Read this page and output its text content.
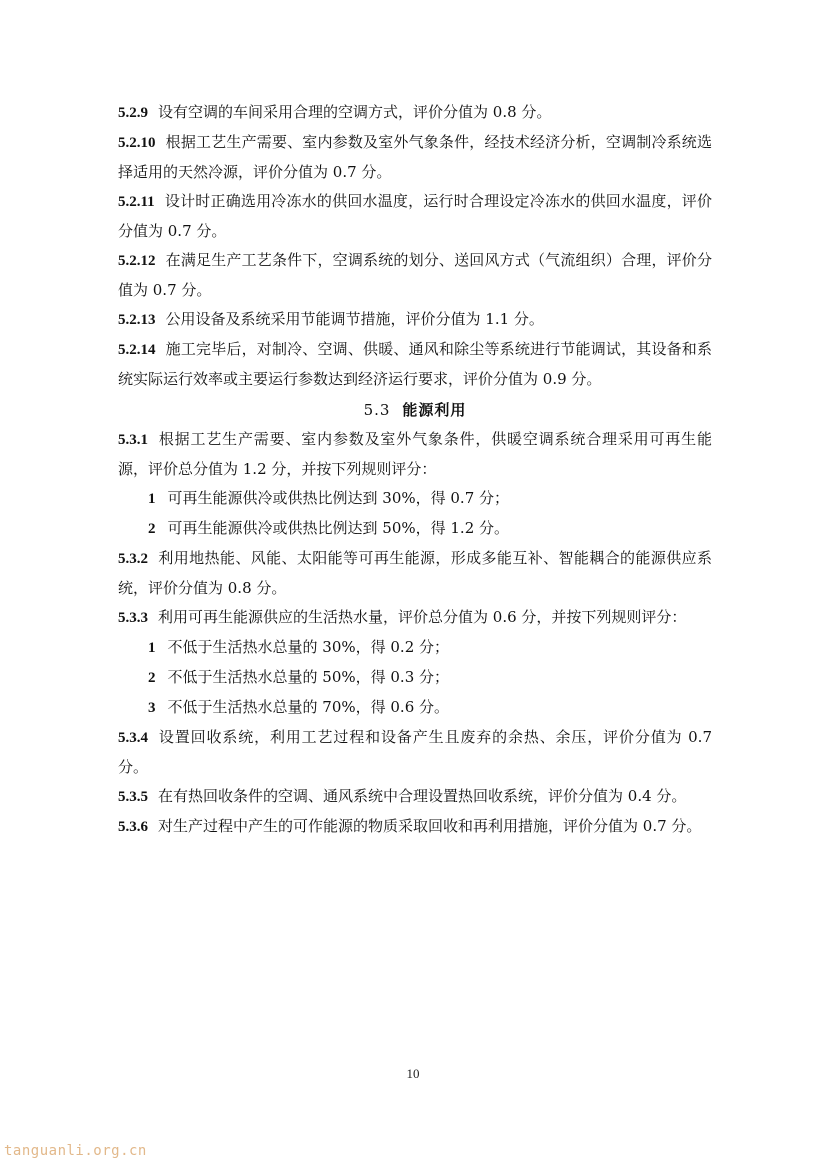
5.2.9 设有空调的车间采用合理的空调方式，评价分值为 0.8 分。

5.2.10 根据工艺生产需要、室内参数及室外气象条件，经技术经济分析，空调制冷系统选择适用的天然冷源，评价分值为 0.7 分。

5.2.11 设计时正确选用冷冻水的供回水温度，运行时合理设定冷冻水的供回水温度，评价分值为 0.7 分。

5.2.12 在满足生产工艺条件下，空调系统的划分、送回风方式（气流组织）合理，评价分值为 0.7 分。

5.2.13 公用设备及系统采用节能调节措施，评价分值为 1.1 分。

5.2.14 施工完毕后，对制冷、空调、供暖、通风和除尘等系统进行节能调试，其设备和系统实际运行效率或主要运行参数达到经济运行要求，评价分值为 0.9 分。

5.3 能源利用

5.3.1 根据工艺生产需要、室内参数及室外气象条件，供暖空调系统合理采用可再生能源，评价总分值为 1.2 分，并按下列规则评分：

1 可再生能源供冷或供热比例达到 30%，得 0.7 分；

2 可再生能源供冷或供热比例达到 50%，得 1.2 分。

5.3.2 利用地热能、风能、太阳能等可再生能源，形成多能互补、智能耦合的能源供应系统，评价分值为 0.8 分。

5.3.3 利用可再生能源供应的生活热水量，评价总分值为 0.6 分，并按下列规则评分：

1 不低于生活热水总量的 30%，得 0.2 分；

2 不低于生活热水总量的 50%，得 0.3 分；

3 不低于生活热水总量的 70%，得 0.6 分。

5.3.4 设置回收系统，利用工艺过程和设备产生且废弃的余热、余压，评价分值为 0.7 分。

5.3.5 在有热回收条件的空调、通风系统中合理设置热回收系统，评价分值为 0.4 分。

5.3.6 对生产过程中产生的可作能源的物质采取回收和再利用措施，评价分值为 0.7 分。

10
tanguanli.org.cn
